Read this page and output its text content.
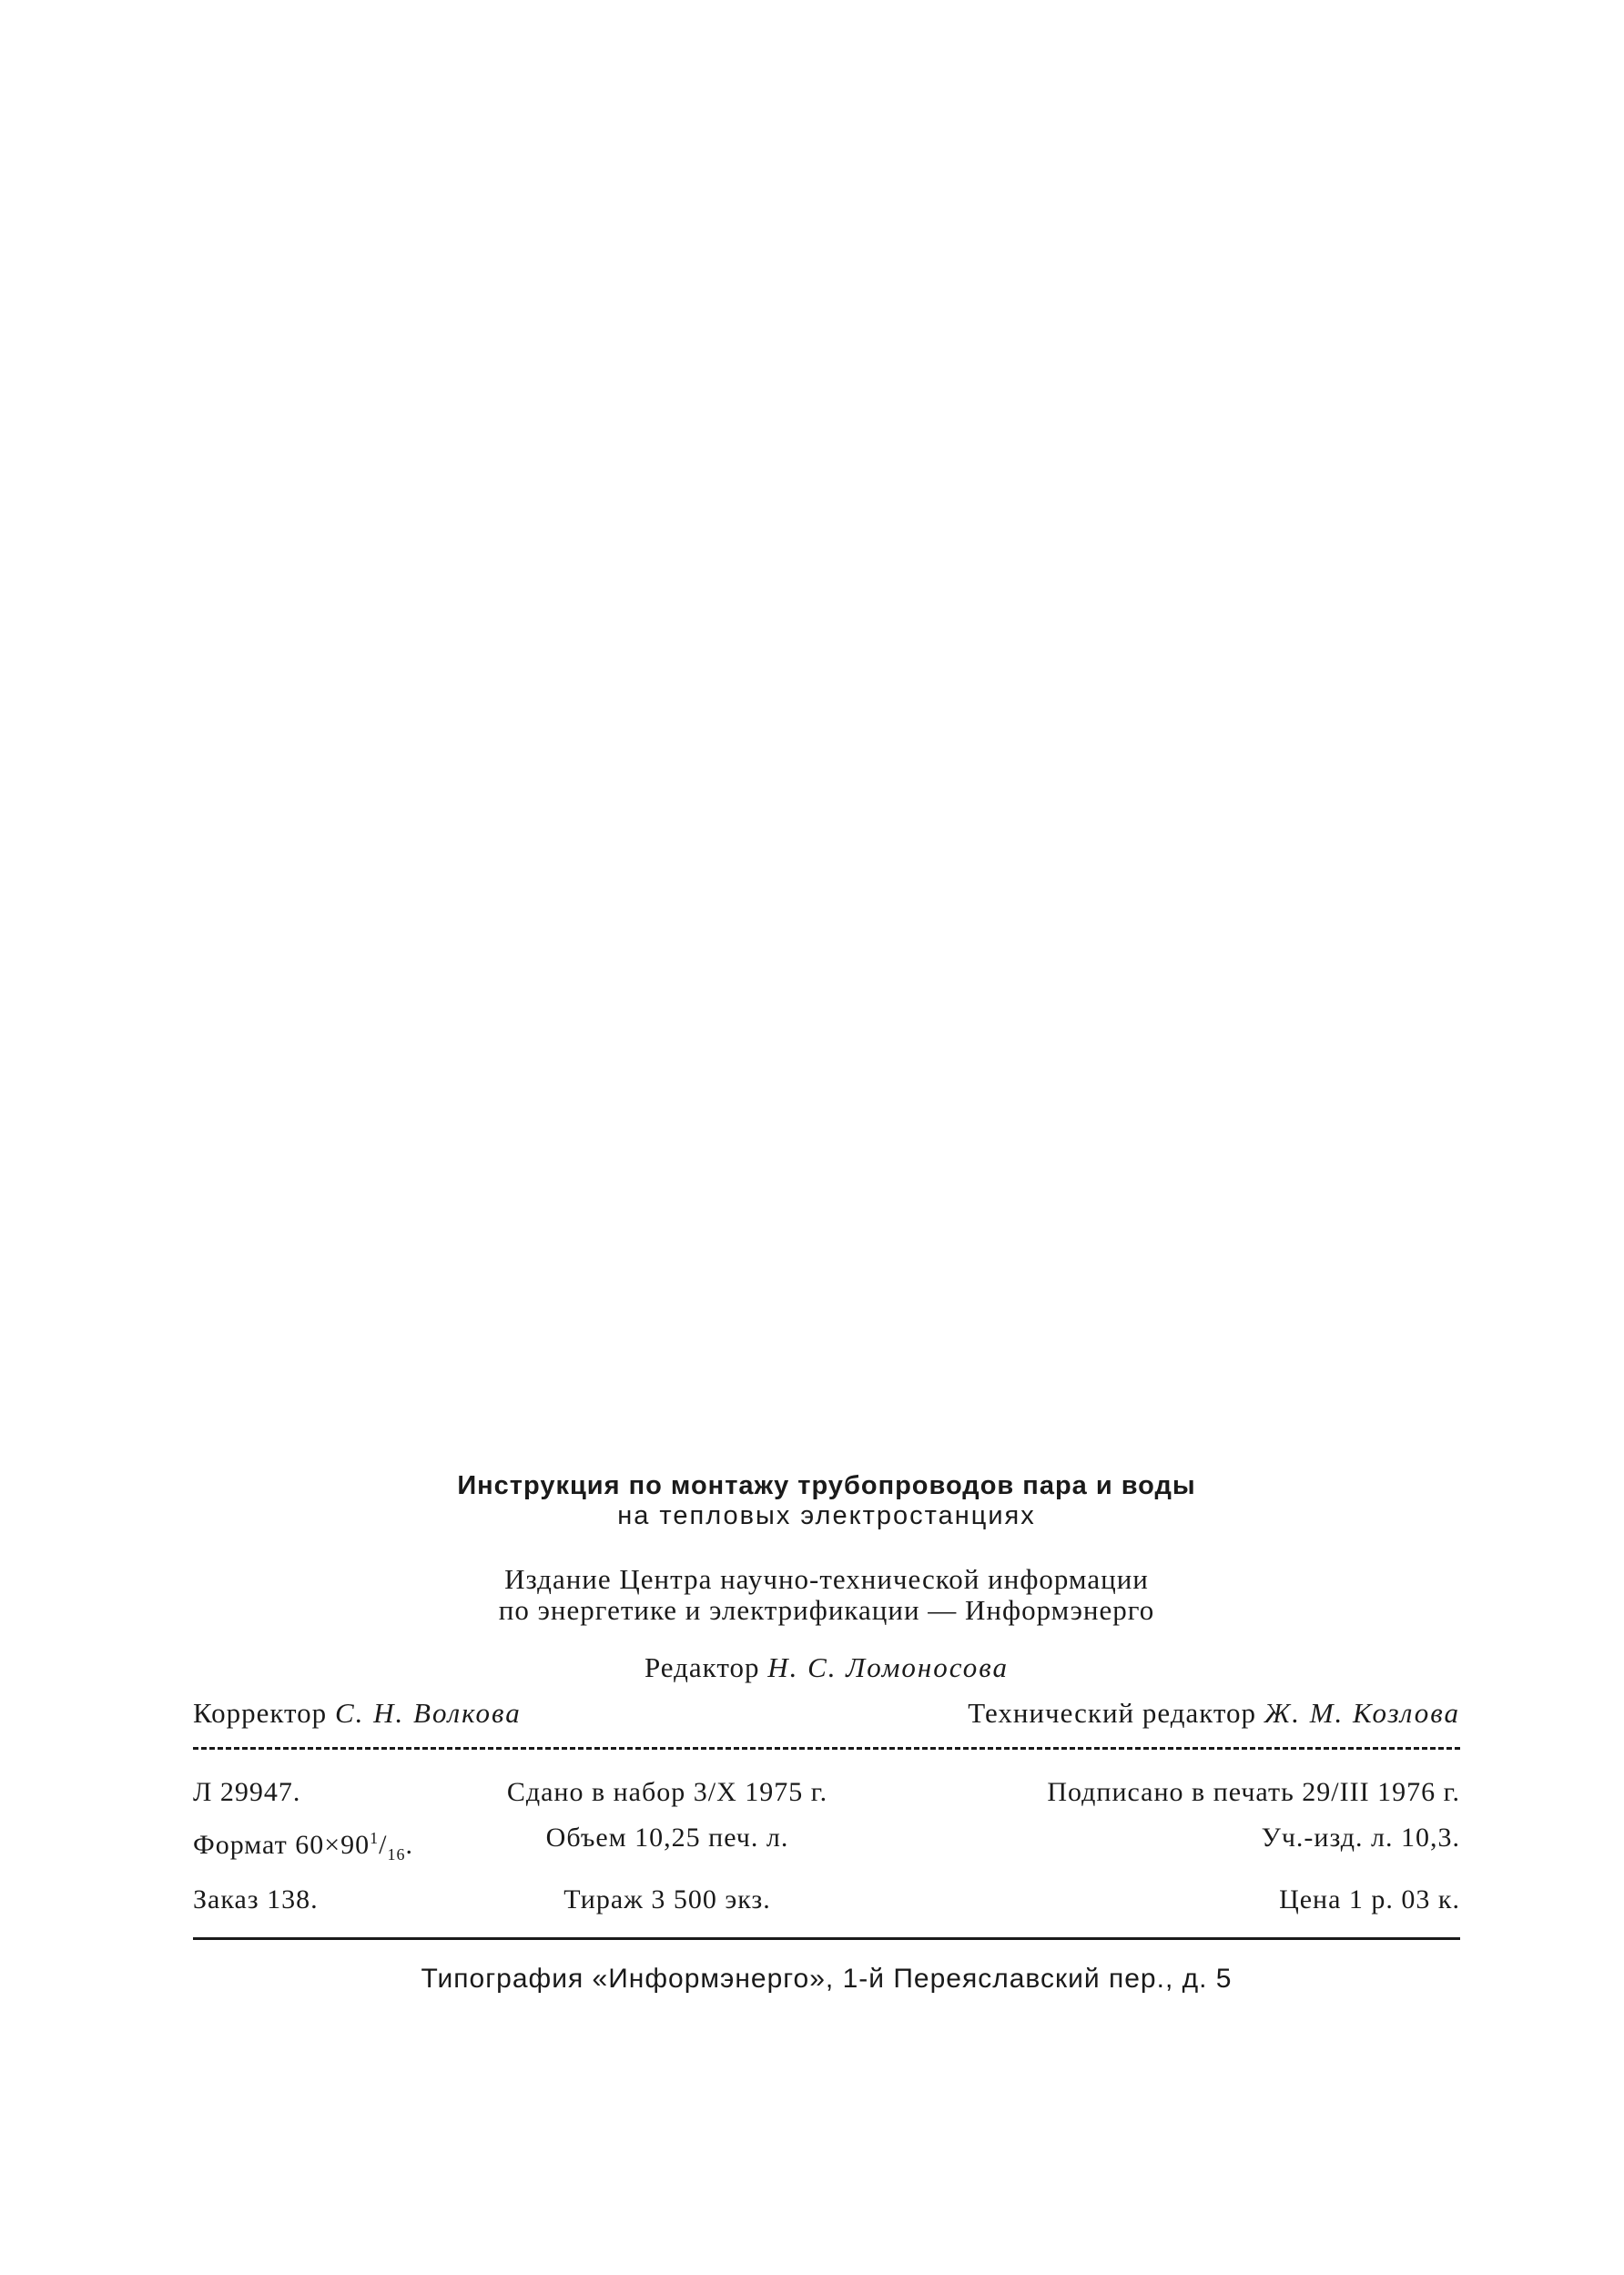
Инструкция по монтажу трубопроводов пара и воды
на тепловых электростанциях
Издание Центра научно-технической информации
по энергетике и электрификации — Информэнерго
Редактор Н. С. Ломоносова
Корректор С. Н. Волкова	Технический редактор Ж. М. Козлова
Л 29947.	Сдано в набор 3/X 1975 г.	Подписано в печать 29/III 1976 г.
Формат $60\times 90^1/_{16}$.	Объем 10,25 печ. л.	Уч.-изд. л. 10,3.
Заказ 138.	Тираж 3 500 экз.	Цена 1 р. 03 к.
Типография «Информэнерго», 1-й Переяславский пер., д. 5
